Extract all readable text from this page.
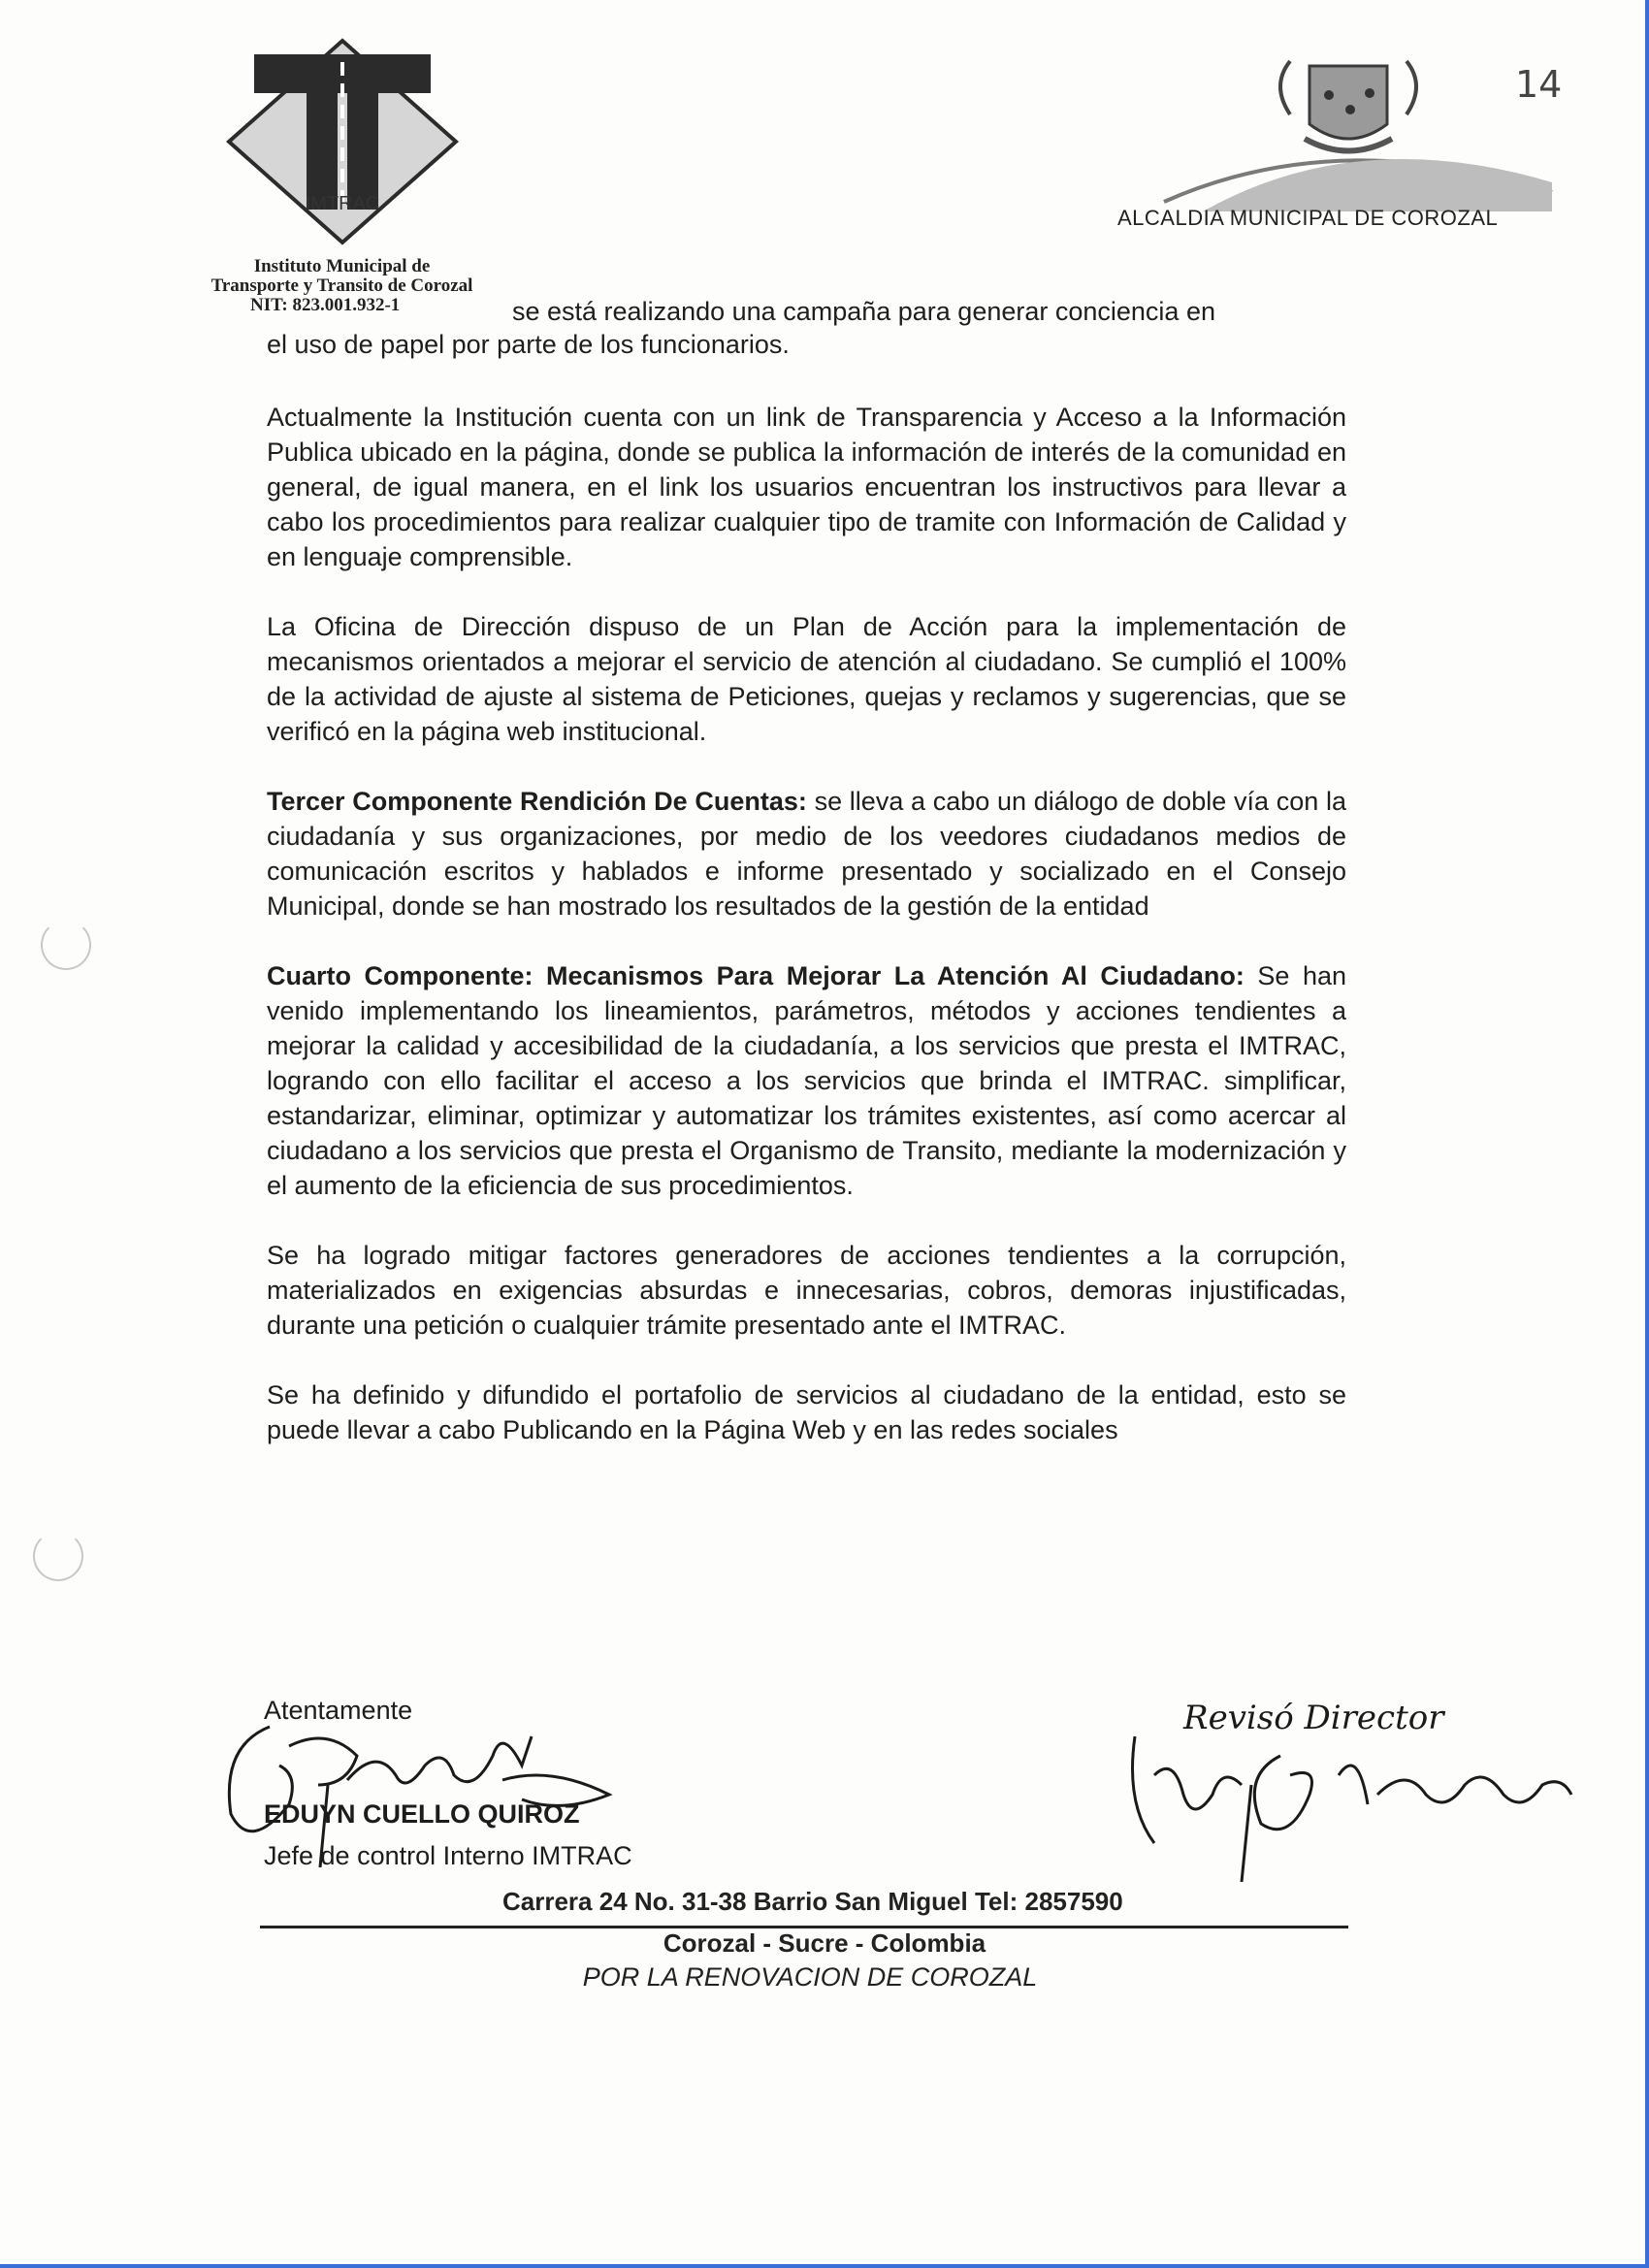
IMTRAC
Instituto Municipal de
Transporte y Transito de Corozal
NIT: 823.001.932-1
ALCALDIA MUNICIPAL DE COROZAL
14
se está realizando una campaña para generar conciencia en
el uso de papel por parte de los funcionarios.

Actualmente la Institución cuenta con un link de Transparencia y Acceso a la Información Publica ubicado en la página, donde se publica la información de interés de la comunidad en general, de igual manera, en el link los usuarios encuentran los instructivos para llevar a cabo los procedimientos para realizar cualquier tipo de tramite con Información de Calidad y en lenguaje comprensible.

La Oficina de Dirección dispuso de un Plan de Acción para la implementación de mecanismos orientados a mejorar el servicio de atención al ciudadano. Se cumplió el 100% de la actividad de ajuste al sistema de Peticiones, quejas y reclamos y sugerencias, que se verificó en la página web institucional.

Tercer Componente Rendición De Cuentas: se lleva a cabo un diálogo de doble vía con la ciudadanía y sus organizaciones, por medio de los veedores ciudadanos medios de comunicación escritos y hablados e informe presentado y socializado en el Consejo Municipal, donde se han mostrado los resultados de la gestión de la entidad

Cuarto Componente: Mecanismos Para Mejorar La Atención Al Ciudadano: Se han venido implementando los lineamientos, parámetros, métodos y acciones tendientes a mejorar la calidad y accesibilidad de la ciudadanía, a los servicios que presta el IMTRAC, logrando con ello facilitar el acceso a los servicios que brinda el IMTRAC. simplificar, estandarizar, eliminar, optimizar y automatizar los trámites existentes, así como acercar al ciudadano a los servicios que presta el Organismo de Transito, mediante la modernización y el aumento de la eficiencia de sus procedimientos.

Se ha logrado mitigar factores generadores de acciones tendientes a la corrupción, materializados en exigencias absurdas e innecesarias, cobros, demoras injustificadas, durante una petición o cualquier trámite presentado ante el IMTRAC.

Se ha definido y difundido el portafolio de servicios al ciudadano de la entidad, esto se puede llevar a cabo Publicando en la Página Web y en las redes sociales

Atentamente
EDUYN CUELLO QUIROZ
Jefe de control Interno IMTRAC
Revisó Director
Carrera 24 No. 31-38 Barrio San Miguel Tel: 2857590
Corozal - Sucre - Colombia
POR LA RENOVACION DE COROZAL
